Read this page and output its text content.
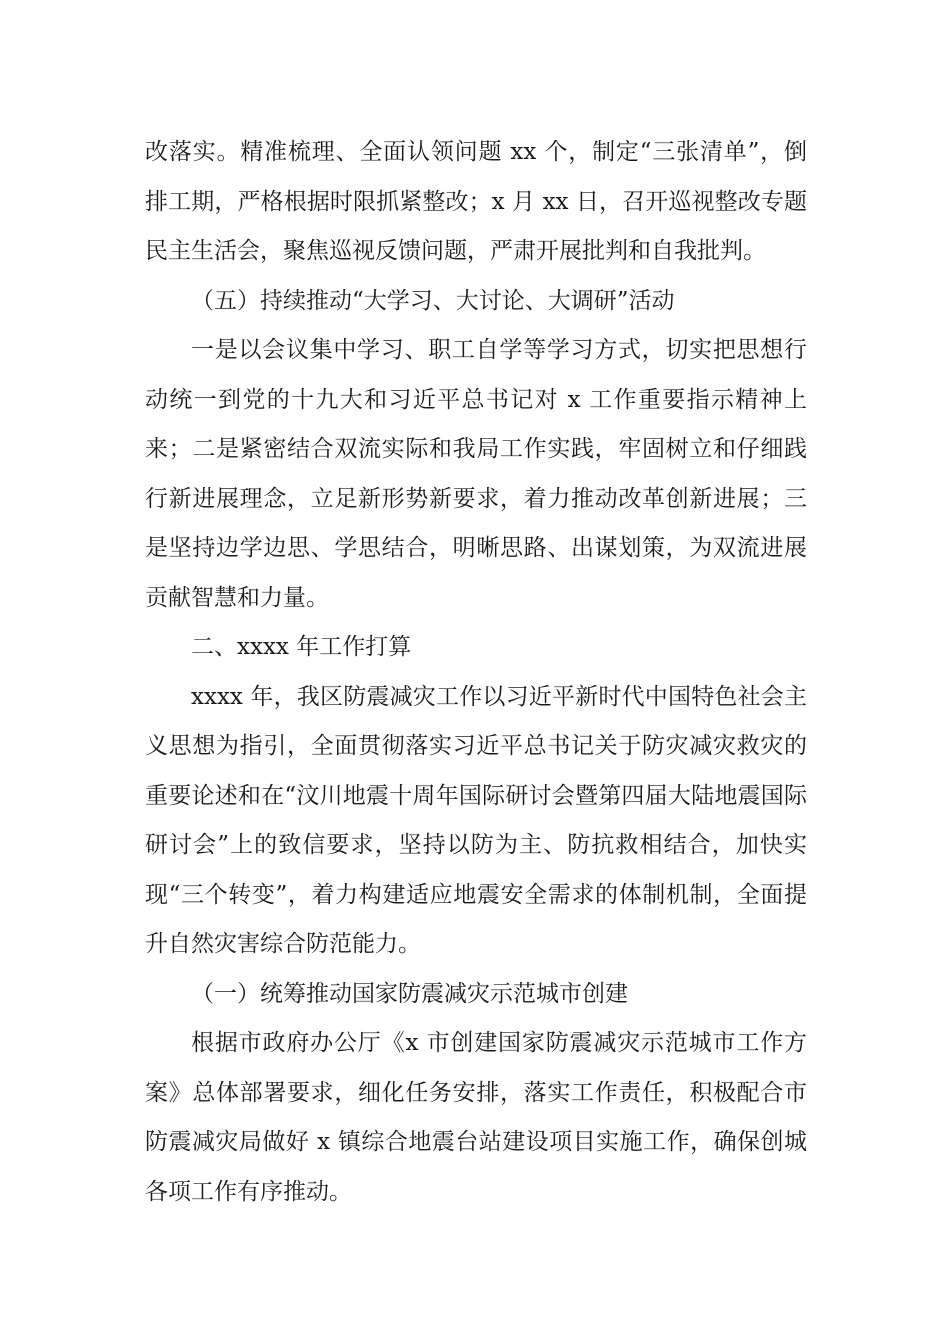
改落实。精准梳理、全面认领问题 xx 个，制定“三张清单”，倒排工期，严格根据时限抓紧整改；x 月 xx 日，召开巡视整改专题民主生活会，聚焦巡视反馈问题，严肃开展批判和自我批判。

（五）持续推动“大学习、大讨论、大调研”活动

一是以会议集中学习、职工自学等学习方式，切实把思想行动统一到党的十九大和习近平总书记对 x 工作重要指示精神上来；二是紧密结合双流实际和我局工作实践，牢固树立和仔细践行新进展理念，立足新形势新要求，着力推动改革创新进展；三是坚持边学边思、学思结合，明晰思路、出谋划策，为双流进展贡献智慧和力量。

二、xxxx 年工作打算

xxxx 年，我区防震减灾工作以习近平新时代中国特色社会主义思想为指引，全面贯彻落实习近平总书记关于防灾减灾救灾的重要论述和在“汶川地震十周年国际研讨会暨第四届大陆地震国际研讨会”上的致信要求，坚持以防为主、防抗救相结合，加快实现“三个转变”，着力构建适应地震安全需求的体制机制，全面提升自然灾害综合防范能力。

（一）统筹推动国家防震减灾示范城市创建

根据市政府办公厅《x 市创建国家防震减灾示范城市工作方案》总体部署要求，细化任务安排，落实工作责任，积极配合市防震减灾局做好 x 镇综合地震台站建设项目实施工作，确保创城各项工作有序推动。
